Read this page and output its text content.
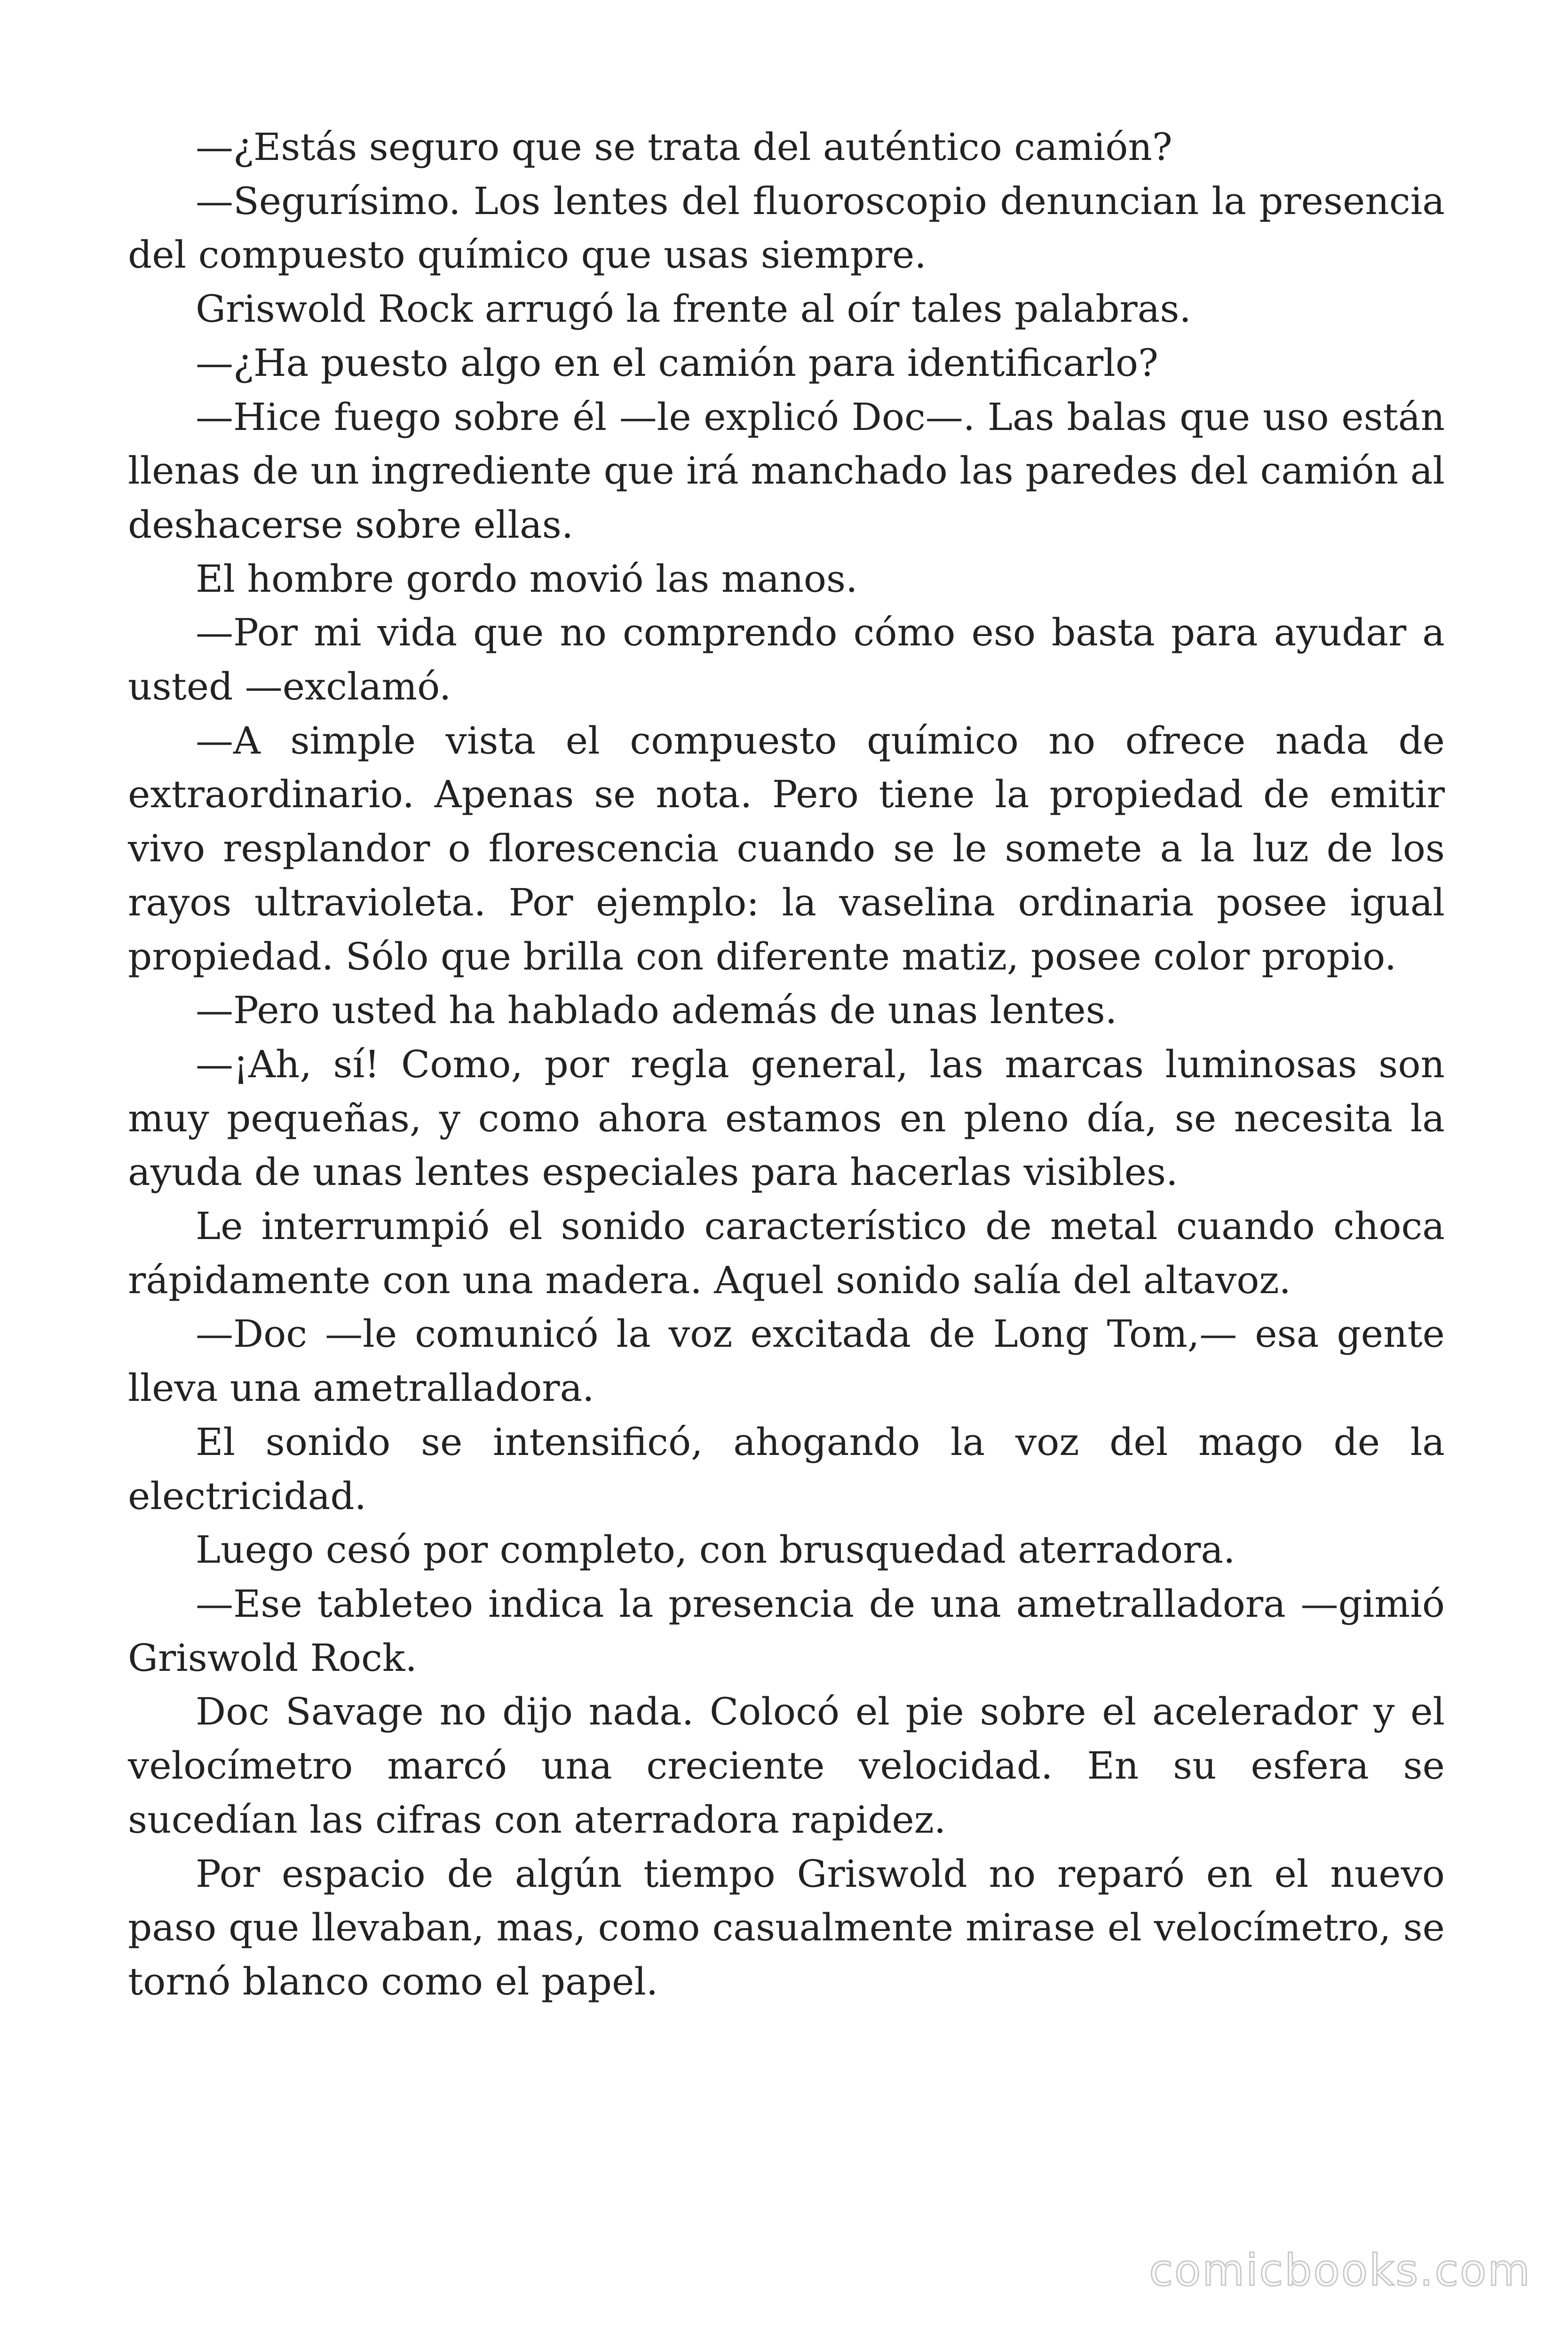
—¿Estás seguro que se trata del auténtico camión?

—Segurísimo. Los lentes del fluoroscopio denuncian la presencia del compuesto químico que usas siempre.

Griswold Rock arrugó la frente al oír tales palabras.

—¿Ha puesto algo en el camión para identificarlo?

—Hice fuego sobre él —le explicó Doc—. Las balas que uso están llenas de un ingrediente que irá manchado las paredes del camión al deshacerse sobre ellas.

El hombre gordo movió las manos.

—Por mi vida que no comprendo cómo eso basta para ayudar a usted —exclamó.

—A simple vista el compuesto químico no ofrece nada de extraordinario. Apenas se nota. Pero tiene la propiedad de emitir vivo resplandor o florescencia cuando se le somete a la luz de los rayos ultravioleta. Por ejemplo: la vaselina ordinaria posee igual propiedad. Sólo que brilla con diferente matiz, posee color propio.

—Pero usted ha hablado además de unas lentes.

—¡Ah, sí! Como, por regla general, las marcas luminosas son muy pequeñas, y como ahora estamos en pleno día, se necesita la ayuda de unas lentes especiales para hacerlas visibles.

Le interrumpió el sonido característico de metal cuando choca rápidamente con una madera. Aquel sonido salía del altavoz.

—Doc —le comunicó la voz excitada de Long Tom,— esa gente lleva una ametralladora.

El sonido se intensificó, ahogando la voz del mago de la electricidad.

Luego cesó por completo, con brusquedad aterradora.

—Ese tableteo indica la presencia de una ametralladora —gimió Griswold Rock.

Doc Savage no dijo nada. Colocó el pie sobre el acelerador y el velocímetro marcó una creciente velocidad. En su esfera se sucedían las cifras con aterradora rapidez.

Por espacio de algún tiempo Griswold no reparó en el nuevo paso que llevaban, mas, como casualmente mirase el velocímetro, se tornó blanco como el papel.

comicbooks.com
